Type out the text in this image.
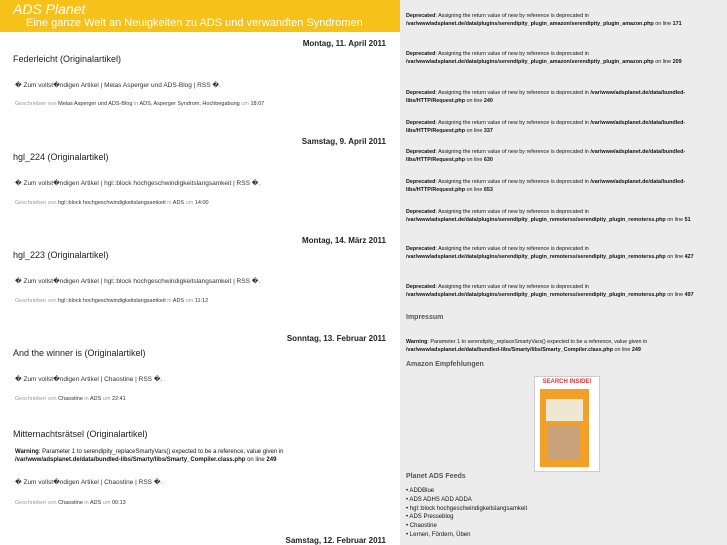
ADS Planet
Eine ganze Welt an Neuigkeiten zu ADS und verwandten Syndromen
Montag, 11. April 2011
Federleicht (Originalartikel)
� Zum vollst�ndigen Artikel | Melas Asperger und ADS-Blog | RSS �.
Geschrieben von Melas Asperger und ADS-Blog in ADS, Asperger Syndrom, Hochbegabung um 18:07
Samstag, 9. April 2011
hgl_224 (Originalartikel)
� Zum vollst�ndigen Artikel | hgl::block hochgeschwindigkeitslangsamkeit | RSS �.
Geschrieben von hgl::block hochgeschwindigkeitslangsamkeit in ADS um 14:00
Montag, 14. März 2011
hgl_223 (Originalartikel)
� Zum vollst�ndigen Artikel | hgl::block hochgeschwindigkeitslangsamkeit | RSS �.
Geschrieben von hgl::block hochgeschwindigkeitslangsamkeit in ADS um 11:12
Sonntag, 13. Februar 2011
And the winner is (Originalartikel)
� Zum vollst�ndigen Artikel | Chaostine | RSS �.
Geschrieben von Chaostine in ADS um 22:41
Mitternachtsrätsel (Originalartikel)
Warning: Parameter 1 to serendipity_replaceSmartyVars() expected to be a reference, value given in /var/www/adsplanet.de/data/bundled-libs/Smarty/libs/Smarty_Compiler.class.php on line 249
� Zum vollst�ndigen Artikel | Chaostine | RSS �.
Geschrieben von Chaostine in ADS um 00:13
Samstag, 12. Februar 2011
Deprecated: Assigning the return value of new by reference is deprecated in /var/www/adsplanet.de/data/plugins/serendipity_plugin_amazon/serendipity_plugin_amazon.php on line 171
Deprecated: Assigning the return value of new by reference is deprecated in /var/www/adsplanet.de/data/plugins/serendipity_plugin_amazon/serendipity_plugin_amazon.php on line 209
Deprecated: Assigning the return value of new by reference is deprecated in /var/www/adsplanet.de/data/bundled-libs/HTTP/Request.php on line 240
Deprecated: Assigning the return value of new by reference is deprecated in /var/www/adsplanet.de/data/bundled-libs/HTTP/Request.php on line 337
Deprecated: Assigning the return value of new by reference is deprecated in /var/www/adsplanet.de/data/bundled-libs/HTTP/Request.php on line 630
Deprecated: Assigning the return value of new by reference is deprecated in /var/www/adsplanet.de/data/bundled-libs/HTTP/Request.php on line 653
Deprecated: Assigning the return value of new by reference is deprecated in /var/www/adsplanet.de/data/plugins/serendipity_plugin_remoterss/serendipity_plugin_remoterss.php on line 51
Deprecated: Assigning the return value of new by reference is deprecated in /var/www/adsplanet.de/data/plugins/serendipity_plugin_remoterss/serendipity_plugin_remoterss.php on line 427
Deprecated: Assigning the return value of new by reference is deprecated in /var/www/adsplanet.de/data/plugins/serendipity_plugin_remoterss/serendipity_plugin_remoterss.php on line 497
Impressum
Warning: Parameter 1 to serendipity_replaceSmartyVars() expected to be a reference, value given in /var/www/adsplanet.de/data/bundled-libs/Smarty/libs/Smarty_Compiler.class.php on line 249
Amazon Empfehlungen
SEARCH INSIDE!
Planet ADS Feeds
• ADDBlue
• ADS ADHS ADD ADDA
• hgl::block hochgeschwindigkeitslangsamkeit
• ADS Presseblog
• Chaostine
• Lernen, Fördern, Üben
